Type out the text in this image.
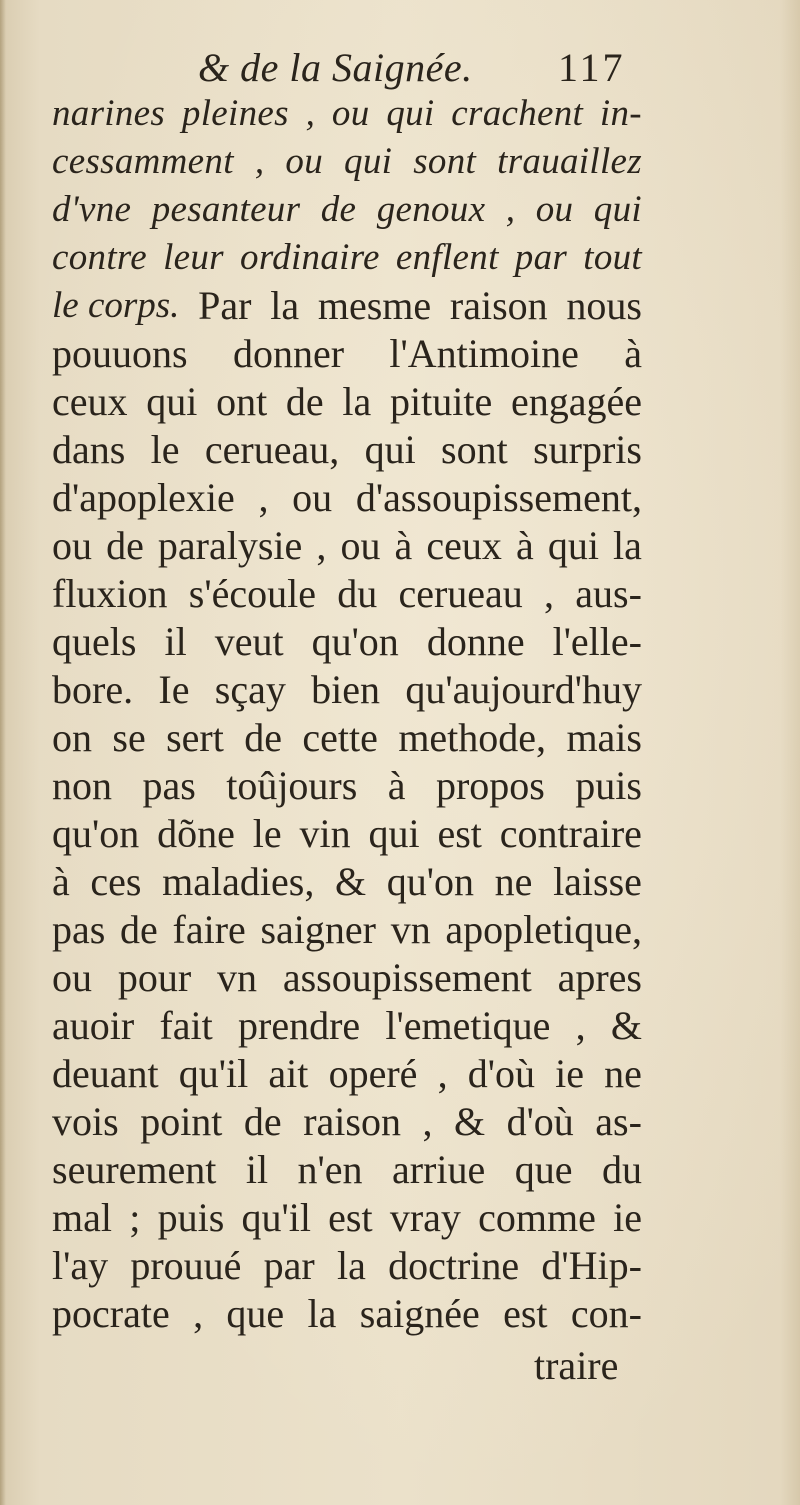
& de la Saignée. 117
narines pleines , ou qui crachent in-
cessamment , ou qui sont trauaillez
d'vne pesanteur de genoux , ou qui
contre leur ordinaire enflent par tout
le corps. Par la mesme raison nous
pouuons donner l'Antimoine à
ceux qui ont de la pituite engagée
dans le cerueau, qui sont surpris
d'apoplexie , ou d'assoupissement,
ou de paralysie , ou à ceux à qui la
fluxion s'écoule du cerueau , aus-
quels il veut qu'on donne l'elle-
bore. Ie sçay bien qu'aujourd'huy
on se sert de cette methode, mais
non pas toûjours à propos puis
qu'on dõne le vin qui est contraire
à ces maladies, & qu'on ne laisse
pas de faire saigner vn apopletique,
ou pour vn assoupissement apres
auoir fait prendre l'emetique , &
deuant qu'il ait operé , d'où ie ne
vois point de raison , & d'où as-
seurement il n'en arriue que du
mal ; puis qu'il est vray comme ie
l'ay prouué par la doctrine d'Hip-
pocrate , que la saignée est con-
traire
